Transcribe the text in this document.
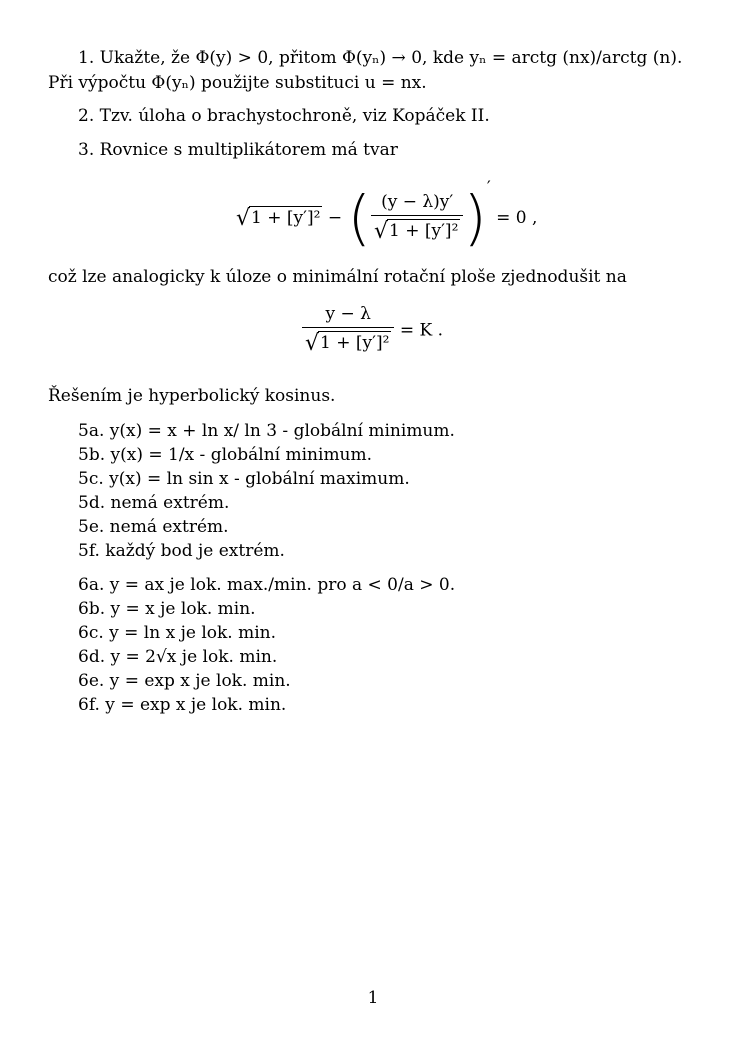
1. Ukažte, že Φ(y) > 0, přitom Φ(yₙ) → 0, kde yₙ = arctg (nx)/arctg (n).
Při výpočtu Φ(yₙ) použijte substituci u = nx.
2. Tzv. úloha o brachystochroně, viz Kopáček II.
3. Rovnice s multiplikátorem má tvar
√1 + [y′]² − ( $\frac{(y - \lambda)y'}{\text{√1 + [y′]²}}$ )′ = 0 ,
což lze analogicky k úloze o minimální rotační ploše zjednodušit na
$\frac{y - \lambda}{\text{√1 + [y′]²}} = K$ .
Řešením je hyperbolický kosinus.
5a. y(x) = x + ln x/ ln 3 - globální minimum.
5b. y(x) = 1/x - globální minimum.
5c. y(x) = ln sin x - globální maximum.
5d. nemá extrém.
5e. nemá extrém.
5f. každý bod je extrém.
6a. y = ax je lok. max./min. pro a < 0/a > 0.
6b. y = x je lok. min.
6c. y = ln x je lok. min.
6d. y = 2√x je lok. min.
6e. y = exp x je lok. min.
6f. y = exp x je lok. min.
1
